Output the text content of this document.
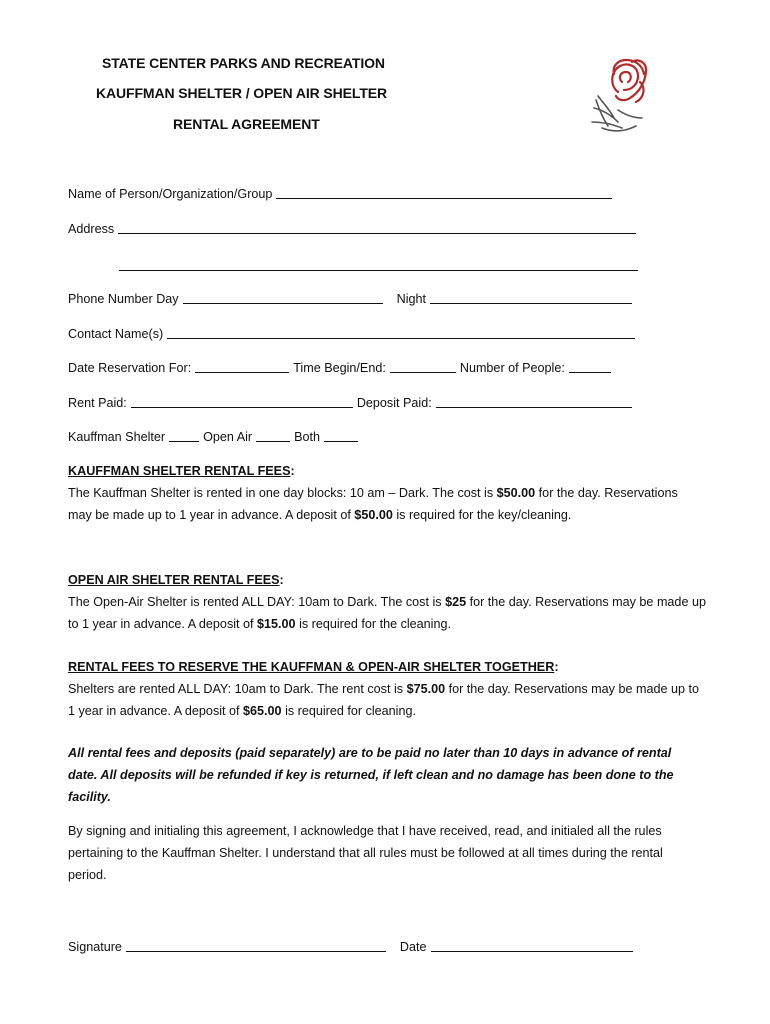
STATE CENTER PARKS AND RECREATION
KAUFFMAN SHELTER / OPEN AIR SHELTER
RENTAL AGREEMENT
Name of Person/Organization/Group
Address
Phone Number Day	Night
Contact Name(s)
Date Reservation For:	Time Begin/End:	Number of People:
Rent Paid:	Deposit Paid:
Kauffman Shelter	Open Air	Both
KAUFFMAN SHELTER RENTAL FEES:
The Kauffman Shelter is rented in one day blocks: 10 am – Dark. The cost is $50.00 for the day. Reservations may be made up to 1 year in advance. A deposit of $50.00 is required for the key/cleaning.
OPEN AIR SHELTER RENTAL FEES:
The Open-Air Shelter is rented ALL DAY: 10am to Dark. The cost is $25 for the day. Reservations may be made up to 1 year in advance. A deposit of $15.00 is required for the cleaning.
RENTAL FEES TO RESERVE THE KAUFFMAN & OPEN-AIR SHELTER TOGETHER:
Shelters are rented ALL DAY: 10am to Dark. The rent cost is $75.00 for the day. Reservations may be made up to 1 year in advance. A deposit of $65.00 is required for cleaning.
All rental fees and deposits (paid separately) are to be paid no later than 10 days in advance of rental date. All deposits will be refunded if key is returned, if left clean and no damage has been done to the facility.
By signing and initialing this agreement, I acknowledge that I have received, read, and initialed all the rules pertaining to the Kauffman Shelter. I understand that all rules must be followed at all times during the rental period.
Signature	Date
